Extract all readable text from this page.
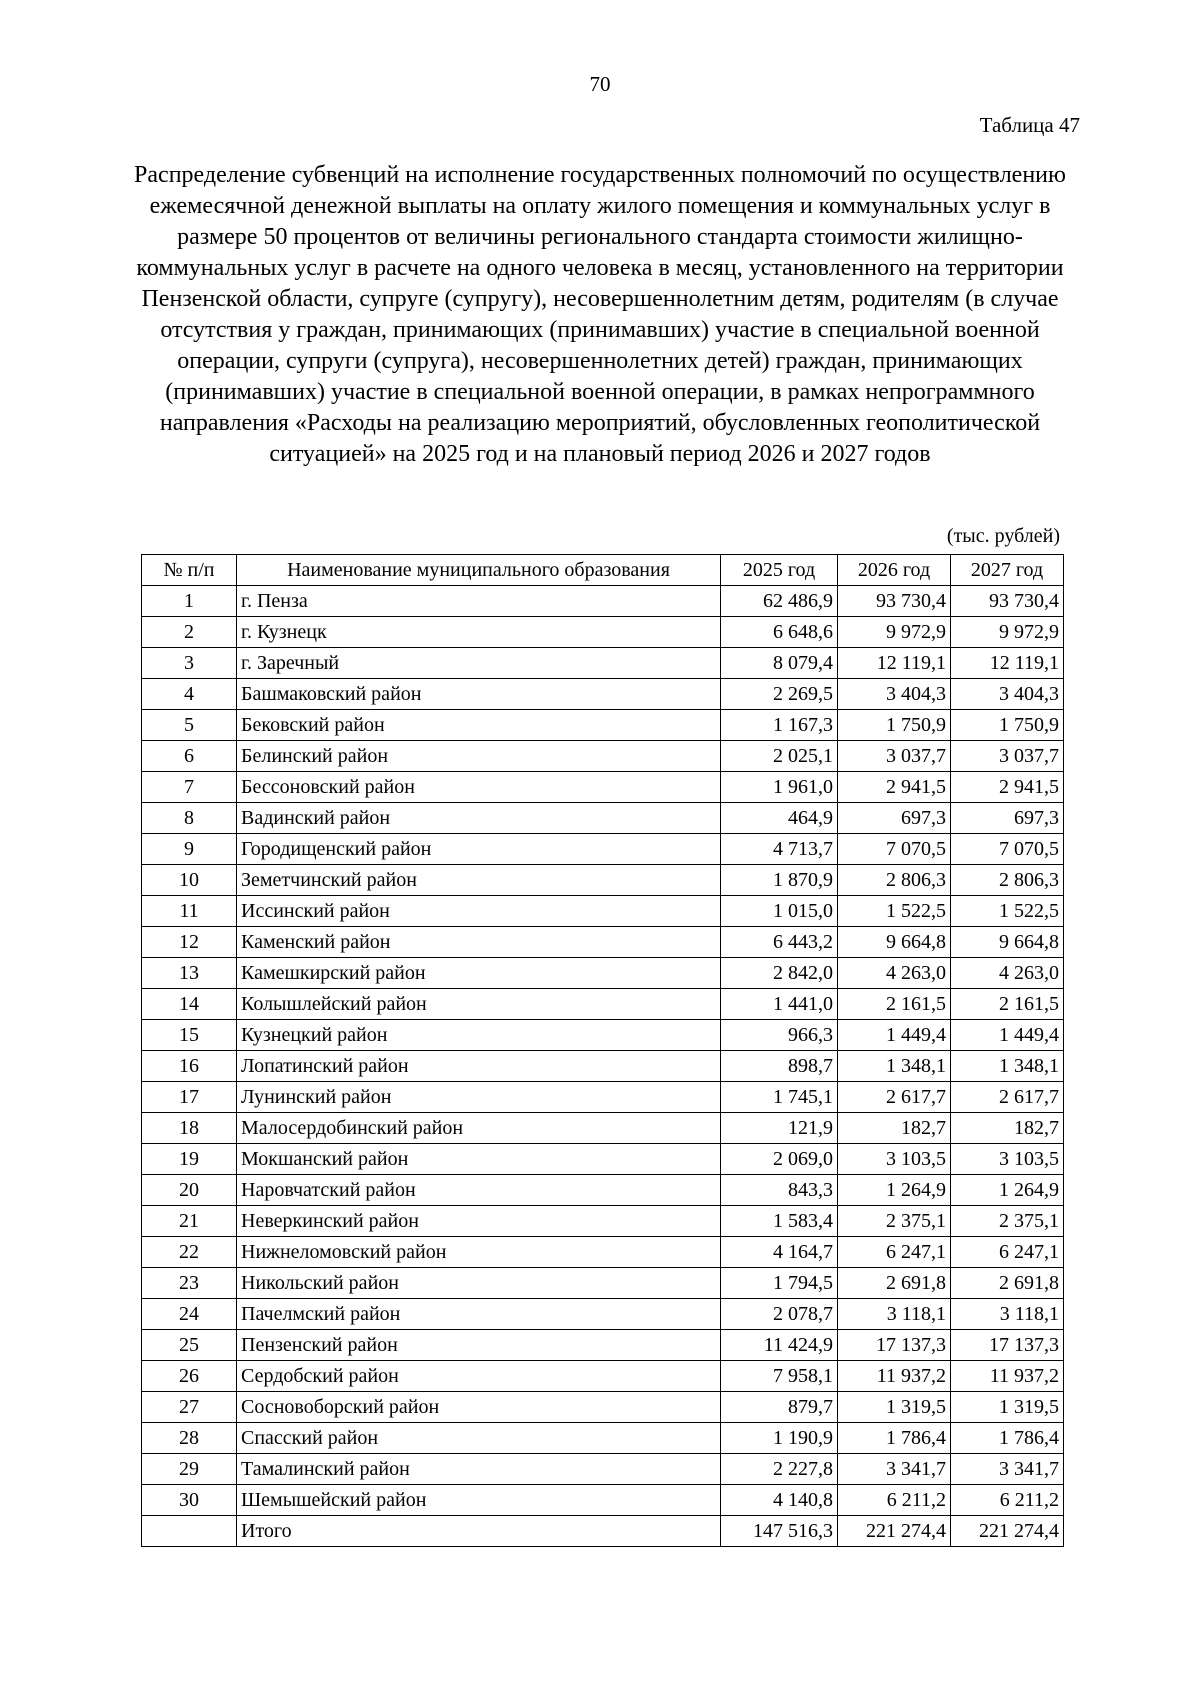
70
Таблица 47

Распределение субвенций на исполнение государственных полномочий по осуществлению ежемесячной денежной выплаты на оплату жилого помещения и коммунальных услуг в размере 50 процентов от величины регионального стандарта стоимости жилищно-коммунальных услуг в расчете на одного человека в месяц, установленного на территории Пензенской области, супруге (супругу), несовершеннолетним детям, родителям (в случае отсутствия у граждан, принимающих (принимавших) участие в специальной военной операции, супруги (супруга), несовершеннолетних детей) граждан, принимающих (принимавших) участие в специальной военной операции, в рамках непрограммного направления «Расходы на реализацию мероприятий, обусловленных геополитической ситуацией» на 2025 год и на плановый период 2026 и 2027 годов

(тыс. рублей)
№ п/п	Наименование муниципального образования	2025 год	2026 год	2027 год
1	г. Пенза	62 486,9	93 730,4	93 730,4
2	г. Кузнецк	6 648,6	9 972,9	9 972,9
3	г. Заречный	8 079,4	12 119,1	12 119,1
4	Башмаковский район	2 269,5	3 404,3	3 404,3
5	Бековский район	1 167,3	1 750,9	1 750,9
6	Белинский район	2 025,1	3 037,7	3 037,7
7	Бессоновский район	1 961,0	2 941,5	2 941,5
8	Вадинский район	464,9	697,3	697,3
9	Городищенский район	4 713,7	7 070,5	7 070,5
10	Земетчинский район	1 870,9	2 806,3	2 806,3
11	Иссинский район	1 015,0	1 522,5	1 522,5
12	Каменский район	6 443,2	9 664,8	9 664,8
13	Камешкирский район	2 842,0	4 263,0	4 263,0
14	Колышлейский район	1 441,0	2 161,5	2 161,5
15	Кузнецкий район	966,3	1 449,4	1 449,4
16	Лопатинский район	898,7	1 348,1	1 348,1
17	Лунинский район	1 745,1	2 617,7	2 617,7
18	Малосердобинский район	121,9	182,7	182,7
19	Мокшанский район	2 069,0	3 103,5	3 103,5
20	Наровчатский район	843,3	1 264,9	1 264,9
21	Неверкинский район	1 583,4	2 375,1	2 375,1
22	Нижнеломовский район	4 164,7	6 247,1	6 247,1
23	Никольский район	1 794,5	2 691,8	2 691,8
24	Пачелмский район	2 078,7	3 118,1	3 118,1
25	Пензенский район	11 424,9	17 137,3	17 137,3
26	Сердобский район	7 958,1	11 937,2	11 937,2
27	Сосновоборский район	879,7	1 319,5	1 319,5
28	Спасский район	1 190,9	1 786,4	1 786,4
29	Тамалинский район	2 227,8	3 341,7	3 341,7
30	Шемышейский район	4 140,8	6 211,2	6 211,2
	Итого	147 516,3	221 274,4	221 274,4
